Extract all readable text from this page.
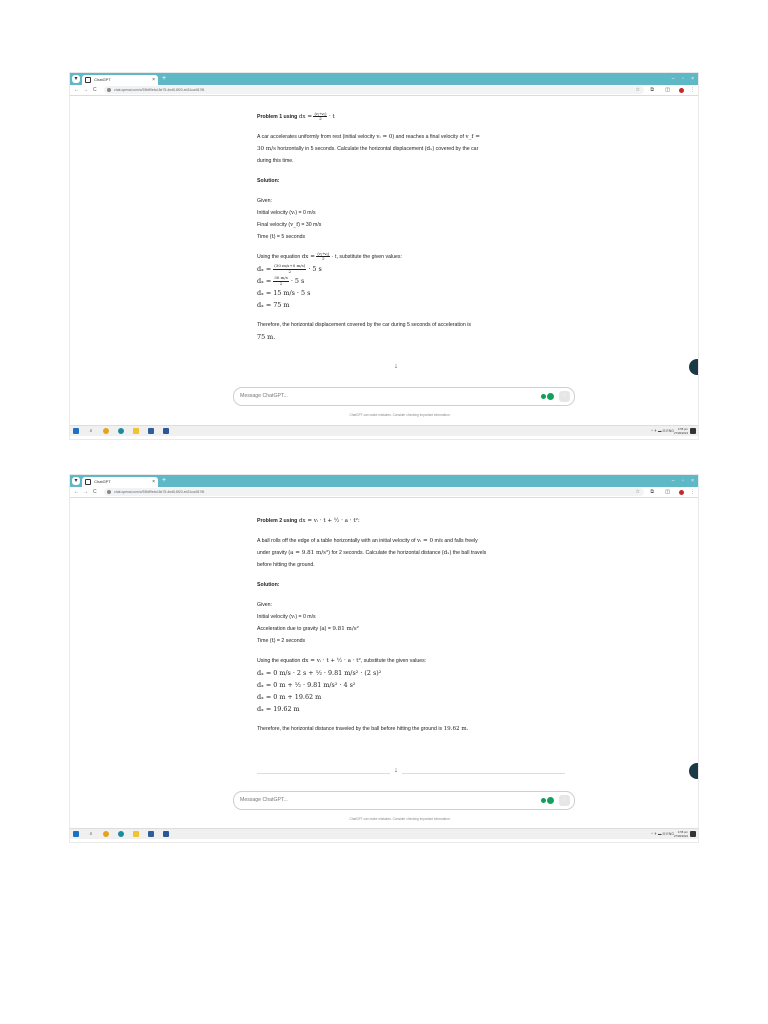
▾	ChatGPT	× +	– ▫ ×
← → C	chat.openai.com/c/93fdf9ebd-8e75-4ed5-8f20-eb31ca4f17f6	☆ ⧉ ◫	⋮

Problem 1 using dx = $\frac{\text{(v₁+v₀)}}{2} \cdot t$

A car accelerates uniformly from rest (initial velocity vᵢ = 0) and reaches a final velocity of v_f =

30 m/s horizontally in 5 seconds. Calculate the horizontal displacement (dₓ) covered by the car

during this time.

Solution:

Given:

Initial velocity (vᵢ) = 0 m/s

Final velocity (v_f) = 30 m/s

Time (t) = 5 seconds

Using the equation dx = $\frac{\text{(v₁+v₀)}}{2} \cdot t$, substitute the given values:

$d_x = \frac{(30 m/s+0 m/s)}{2} \cdot 5$ s

$d_x = \frac{30 m/s}{2} \cdot 5$ s

dₓ = 15 m/s · 5 s

dₓ = 75 m

Therefore, the horizontal displacement covered by the car during 5 seconds of acceleration is

75 m.

↓
Message ChatGPT...	↑
ChatGPT can make mistakes. Consider checking important information.
⌕	^ ⚘ ▬ ⊟ ENG	4:55 pm
27/06/2024
▾	ChatGPT	× +	– ▫ ×
← → C	chat.openai.com/c/93fdf9ebd-8e75-4ed5-8f20-eb31ca4f17f6	☆ ⧉ ◫	⋮

Problem 2 using dx = vᵢ · t + ½ · a · t²:

A ball rolls off the edge of a table horizontally with an initial velocity of vᵢ = 0 m/s and falls freely

under gravity (a = 9.81 m/s²) for 2 seconds. Calculate the horizontal distance (dₓ) the ball travels

before hitting the ground.

Solution:

Given:

Initial velocity (vᵢ) = 0 m/s

Acceleration due to gravity (a) = 9.81 m/s²

Time (t) = 2 seconds

Using the equation dx = vᵢ · t + ½ · a · t², substitute the given values:

dₓ = 0 m/s · 2 s + ½ · 9.81 m/s² · (2 s)²

dₓ = 0 m + ½ · 9.81 m/s² · 4 s²

dₓ = 0 m + 19.62 m

dₓ = 19.62 m

Therefore, the horizontal distance traveled by the ball before hitting the ground is 19.62 m.

↓
Message ChatGPT...	↑
ChatGPT can make mistakes. Consider checking important information.
⌕	^ ⚘ ▬ ⊟ ENG	4:55 pm
27/06/2024
